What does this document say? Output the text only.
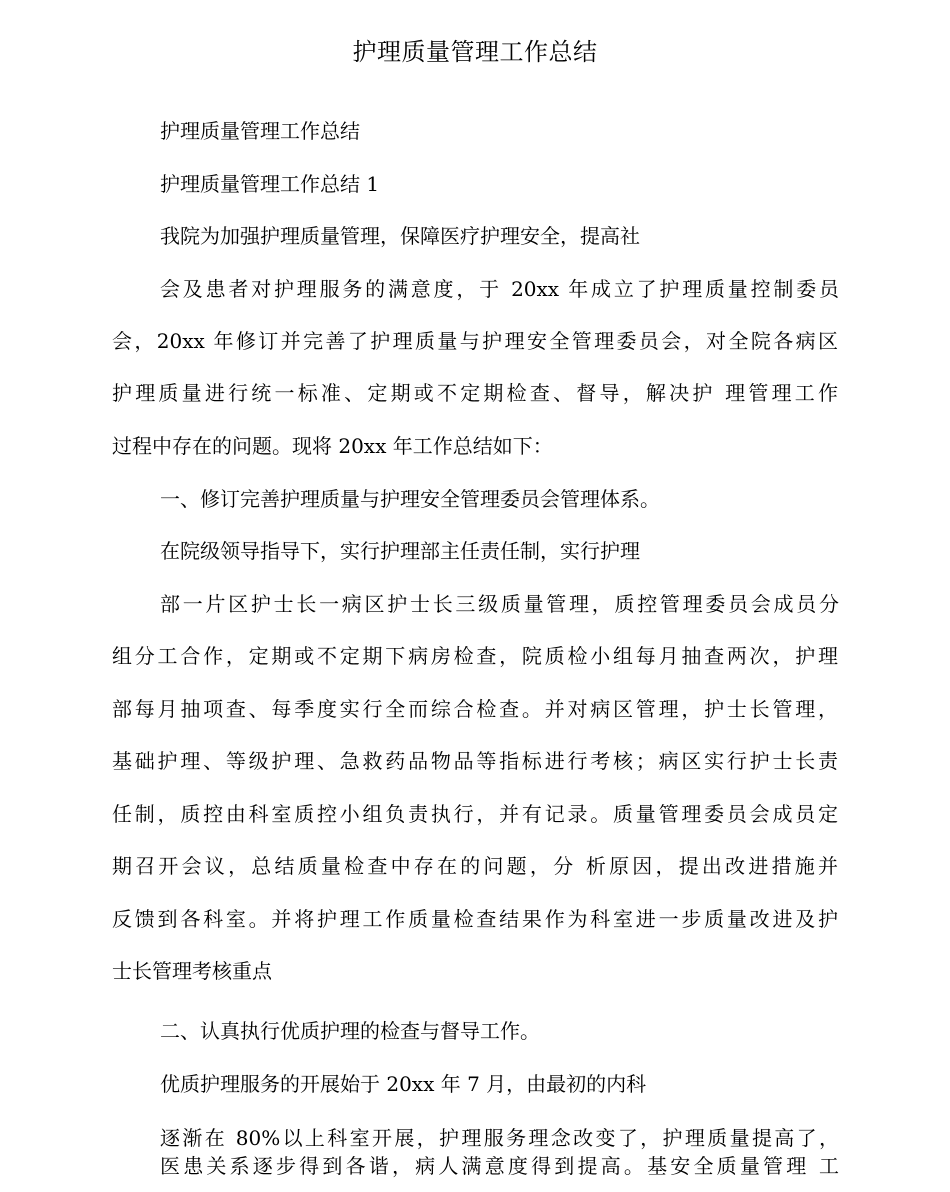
护理质量管理工作总结
护理质量管理工作总结
护理质量管理工作总结 1
我院为加强护理质量管理，保障医疗护理安全，提高社
会及患者对护理服务的满意度，于 20xx 年成立了护理质量控制委员
会，20xx 年修订并完善了护理质量与护理安全管理委员会，对全院各病区
护理质量进行统一标准、定期或不定期检查、督导，解决护 理管理工作
过程中存在的问题。现将 20xx 年工作总结如下：
一、修订完善护理质量与护理安全管理委员会管理体系。
在院级领导指导下，实行护理部主任责任制，实行护理
部一片区护士长一病区护士长三级质量管理，质控管理委员会成员分
组分工合作，定期或不定期下病房检查，院质检小组每月抽查两次，护理
部每月抽项查、每季度实行全而综合检查。并对病区管理，护士长管理，
基础护理、等级护理、急救药品物品等指标进行考核；病区实行护士长责
任制，质控由科室质控小组负责执行，并有记录。质量管理委员会成员定
期召开会议，总结质量检查中存在的问题，分 析原因，提出改进措施并
反馈到各科室。并将护理工作质量检查结果作为科室进一步质量改进及护
士长管理考核重点
二、认真执行优质护理的检查与督导工作。
优质护理服务的开展始于 20xx 年 7 月，由最初的内科
逐渐在 80%以上科室开展，护理服务理念改变了，护理质量提高了，
医患关系逐步得到各谐，病人满意度得到提高。基安全质量管理 工
